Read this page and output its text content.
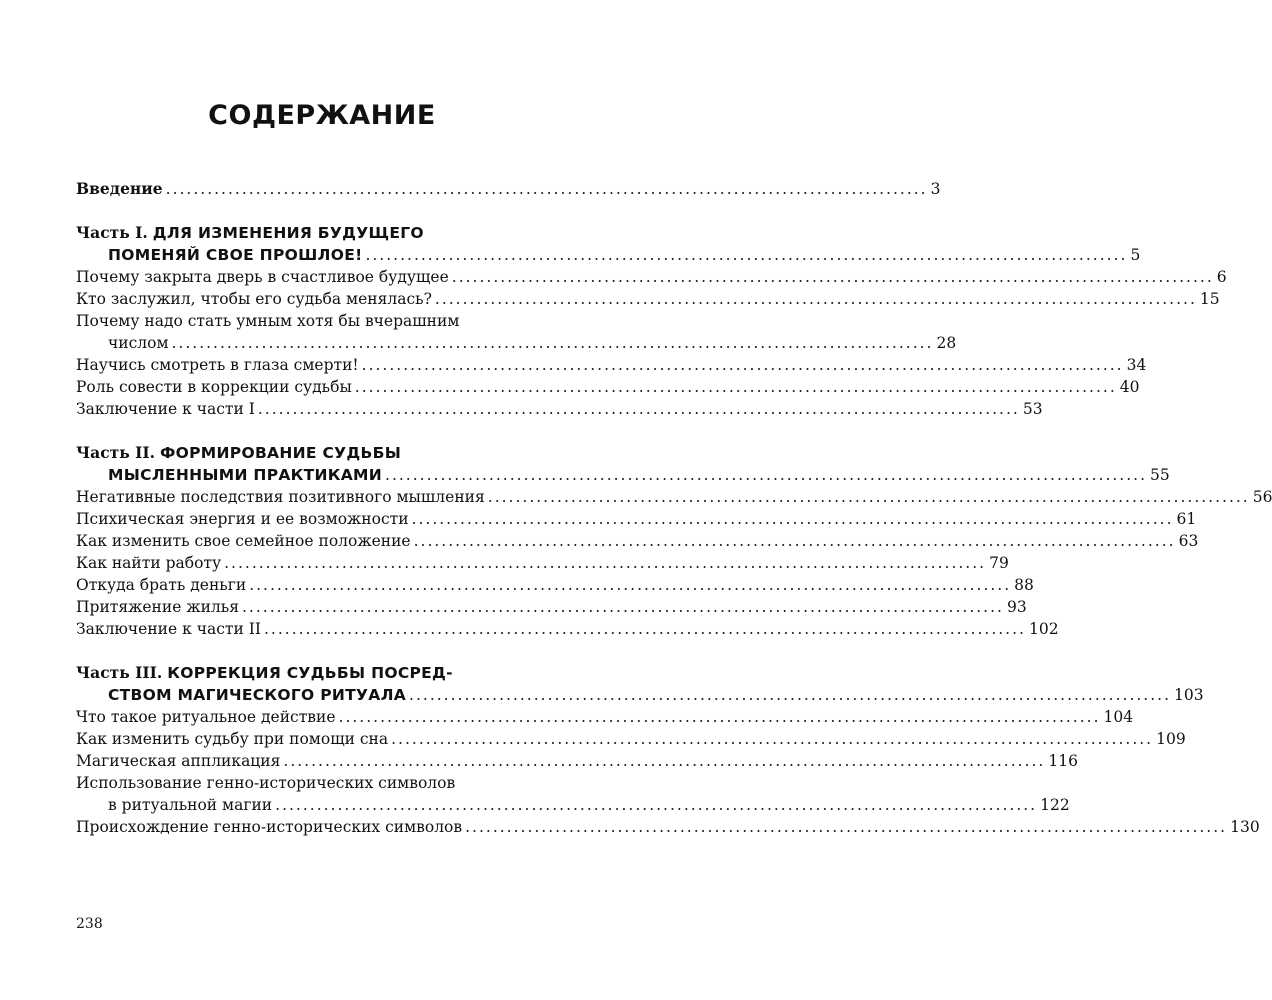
СОДЕРЖАНИЕ
Введение .............................................................................................................. 3
Часть I. ДЛЯ ИЗМЕНЕНИЯ БУДУЩЕГО
ПОМЕНЯЙ СВОЕ ПРОШЛОЕ! .............................................................................................................. 5
Почему закрыта дверь в счастливое будущее .............................................................................................................. 6
Кто заслужил, чтобы его судьба менялась? .............................................................................................................. 15
Почему надо стать умным хотя бы вчерашним
числом .............................................................................................................. 28
Научись смотреть в глаза смерти! .............................................................................................................. 34
Роль совести в коррекции судьбы .............................................................................................................. 40
Заключение к части I .............................................................................................................. 53
Часть II. ФОРМИРОВАНИЕ СУДЬБЫ
МЫСЛЕННЫМИ ПРАКТИКАМИ .............................................................................................................. 55
Негативные последствия позитивного мышления .............................................................................................................. 56
Психическая энергия и ее возможности .............................................................................................................. 61
Как изменить свое семейное положение .............................................................................................................. 63
Как найти работу .............................................................................................................. 79
Откуда брать деньги .............................................................................................................. 88
Притяжение жилья .............................................................................................................. 93
Заключение к части II .............................................................................................................. 102
Часть III. КОРРЕКЦИЯ СУДЬБЫ ПОСРЕД-
СТВОМ МАГИЧЕСКОГО РИТУАЛА .............................................................................................................. 103
Что такое ритуальное действие .............................................................................................................. 104
Как изменить судьбу при помощи сна .............................................................................................................. 109
Магическая аппликация .............................................................................................................. 116
Использование генно-исторических символов
в ритуальной магии .............................................................................................................. 122
Происхождение генно-исторических символов .............................................................................................................. 130
238
